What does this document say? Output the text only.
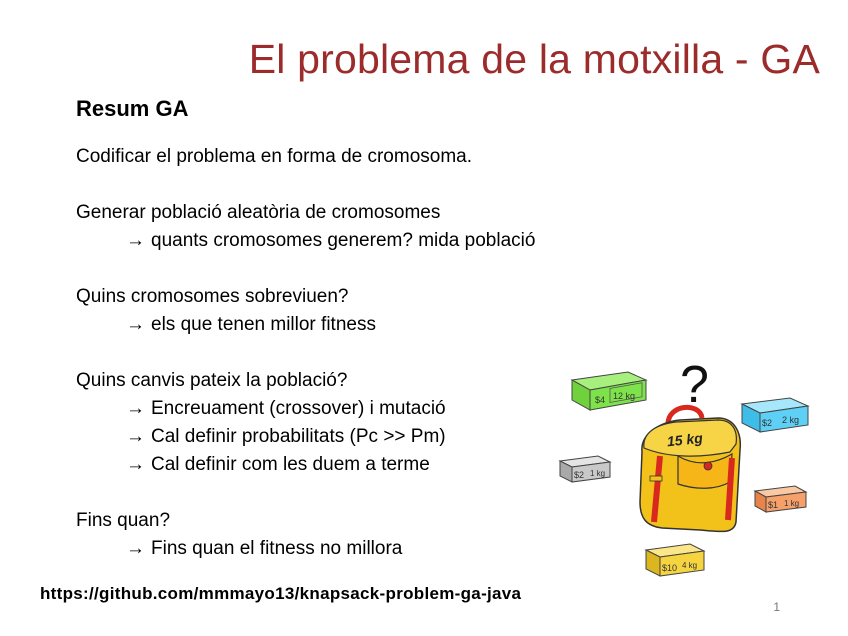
El problema de la motxilla - GA
Resum GA
Codificar el problema en forma de cromosoma.
Generar població aleatòria de cromosomes
→ quants cromosomes generem? mida població
Quins cromosomes sobreviuen?
→ els que tenen millor fitness
Quins canvis pateix la població?
→ Encreuament (crossover) i mutació
→ Cal definir probabilitats (Pc >> Pm)
→ Cal definir com les duem a terme
Fins quan?
→ Fins quan el fitness no millora
?
$4 12 kg
$2 2 kg
$2 1 kg
$1 1 kg
$10 4 kg
15 kg
https://github.com/mmmayo13/knapsack-problem-ga-java
1
